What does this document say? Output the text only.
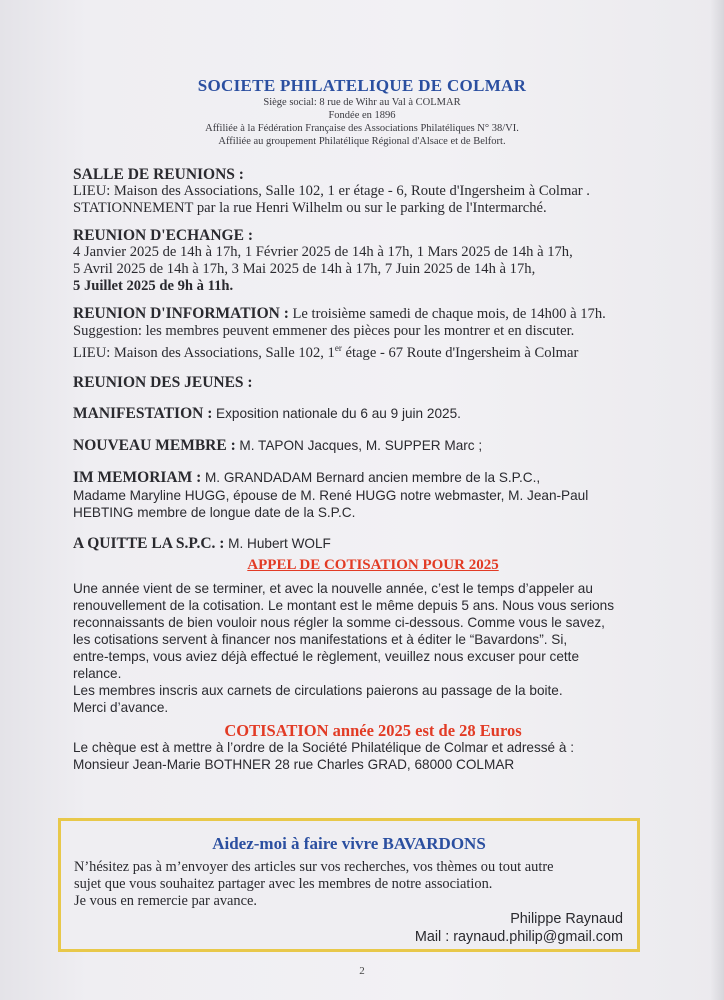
SOCIETE PHILATELIQUE DE COLMAR
Siège social: 8 rue de Wihr au Val à COLMAR
Fondée en 1896
Affiliée à la Fédération Française des Associations Philatéliques N° 38/VI.
Affiliée au groupement Philatélique Régional d'Alsace et de Belfort.
SALLE DE REUNIONS :
LIEU: Maison des Associations, Salle 102, 1 er étage - 6, Route d'Ingersheim à Colmar .
STATIONNEMENT par la rue Henri Wilhelm ou sur le parking de l'Intermarché.
REUNION D'ECHANGE :
4 Janvier 2025 de 14h à 17h, 1 Février 2025 de 14h à 17h, 1 Mars 2025 de 14h à 17h,
5 Avril 2025 de 14h à 17h, 3 Mai 2025 de 14h à 17h, 7 Juin 2025 de 14h à 17h,
5 Juillet 2025 de 9h à 11h.
REUNION D'INFORMATION : Le troisième samedi de chaque mois, de 14h00 à 17h.
Suggestion: les membres peuvent emmener des pièces pour les montrer et en discuter.
LIEU: Maison des Associations, Salle 102, 1er étage - 67 Route d'Ingersheim à Colmar
REUNION DES JEUNES :
MANIFESTATION : Exposition nationale du 6 au 9 juin 2025.
NOUVEAU MEMBRE : M. TAPON Jacques, M. SUPPER Marc ;
IM MEMORIAM : M. GRANDADAM Bernard ancien membre de la S.P.C.,
Madame Maryline HUGG, épouse de M. René HUGG notre webmaster, M. Jean-Paul
HEBTING membre de longue date de la S.P.C.
A QUITTE LA S.P.C. : M. Hubert WOLF
APPEL DE COTISATION POUR 2025
Une année vient de se terminer, et avec la nouvelle année, c’est le temps d’appeler au
renouvellement de la cotisation. Le montant est le même depuis 5 ans. Nous vous serions
reconnaissants de bien vouloir nous régler la somme ci-dessous. Comme vous le savez,
les cotisations servent à financer nos manifestations et à éditer le “Bavardons”. Si,
entre-temps, vous aviez déjà effectué le règlement, veuillez nous excuser pour cette
relance.
Les membres inscris aux carnets de circulations paierons au passage de la boite.
Merci d’avance.
COTISATION année 2025 est de 28 Euros
Le chèque est à mettre à l’ordre de la Société Philatélique de Colmar et adressé à :
Monsieur Jean-Marie BOTHNER 28 rue Charles GRAD, 68000 COLMAR
Aidez-moi à faire vivre BAVARDONS
N’hésitez pas à m’envoyer des articles sur vos recherches, vos thèmes ou tout autre
sujet que vous souhaitez partager avec les membres de notre association.
Je vous en remercie par avance.
Philippe Raynaud
Mail : raynaud.philip@gmail.com
2
